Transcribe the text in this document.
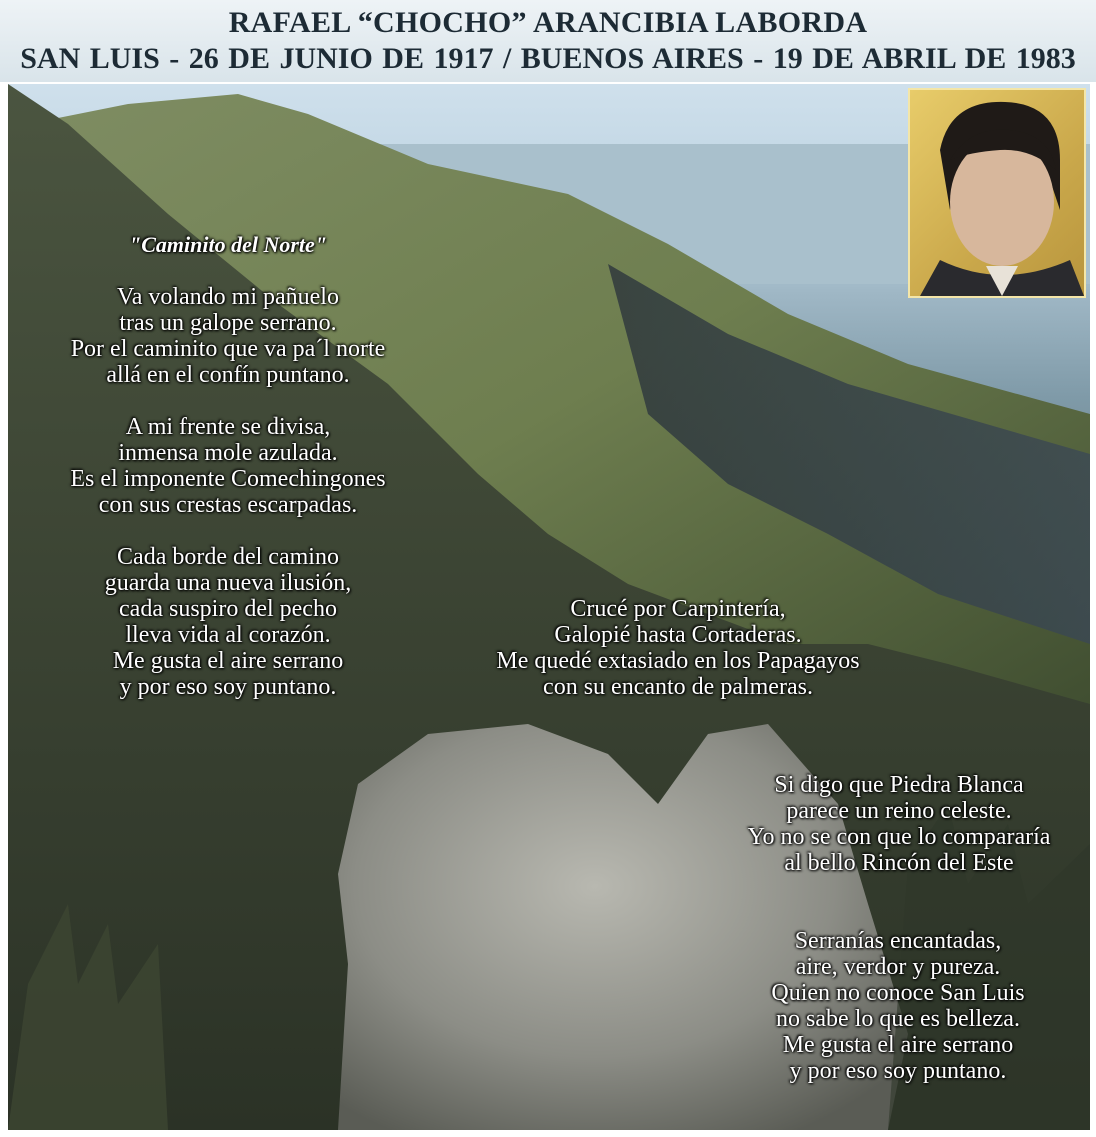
RAFAEL “CHOCHO” ARANCIBIA LABORDA
SAN LUIS - 26 DE JUNIO DE 1917 / BUENOS AIRES - 19 DE ABRIL DE 1983
"Caminito del Norte"
Va volando mi pañuelo
tras un galope serrano.
Por el caminito que va pa´l norte
allá en el confín puntano.
A mi frente se divisa,
inmensa mole azulada.
Es el imponente Comechingones
con sus crestas escarpadas.
Cada borde del camino
guarda una nueva ilusión,
cada suspiro del pecho
lleva vida al corazón.
Me gusta el aire serrano
y por eso soy puntano.
Crucé por Carpintería,
Galopié hasta Cortaderas.
Me quedé extasiado en los Papagayos
con su encanto de palmeras.
Si digo que Piedra Blanca
parece un reino celeste.
Yo no se con que lo compararía
al bello Rincón del Este
Serranías encantadas,
aire, verdor y pureza.
Quien no conoce San Luis
no sabe lo que es belleza.
Me gusta el aire serrano
y por eso soy puntano.
